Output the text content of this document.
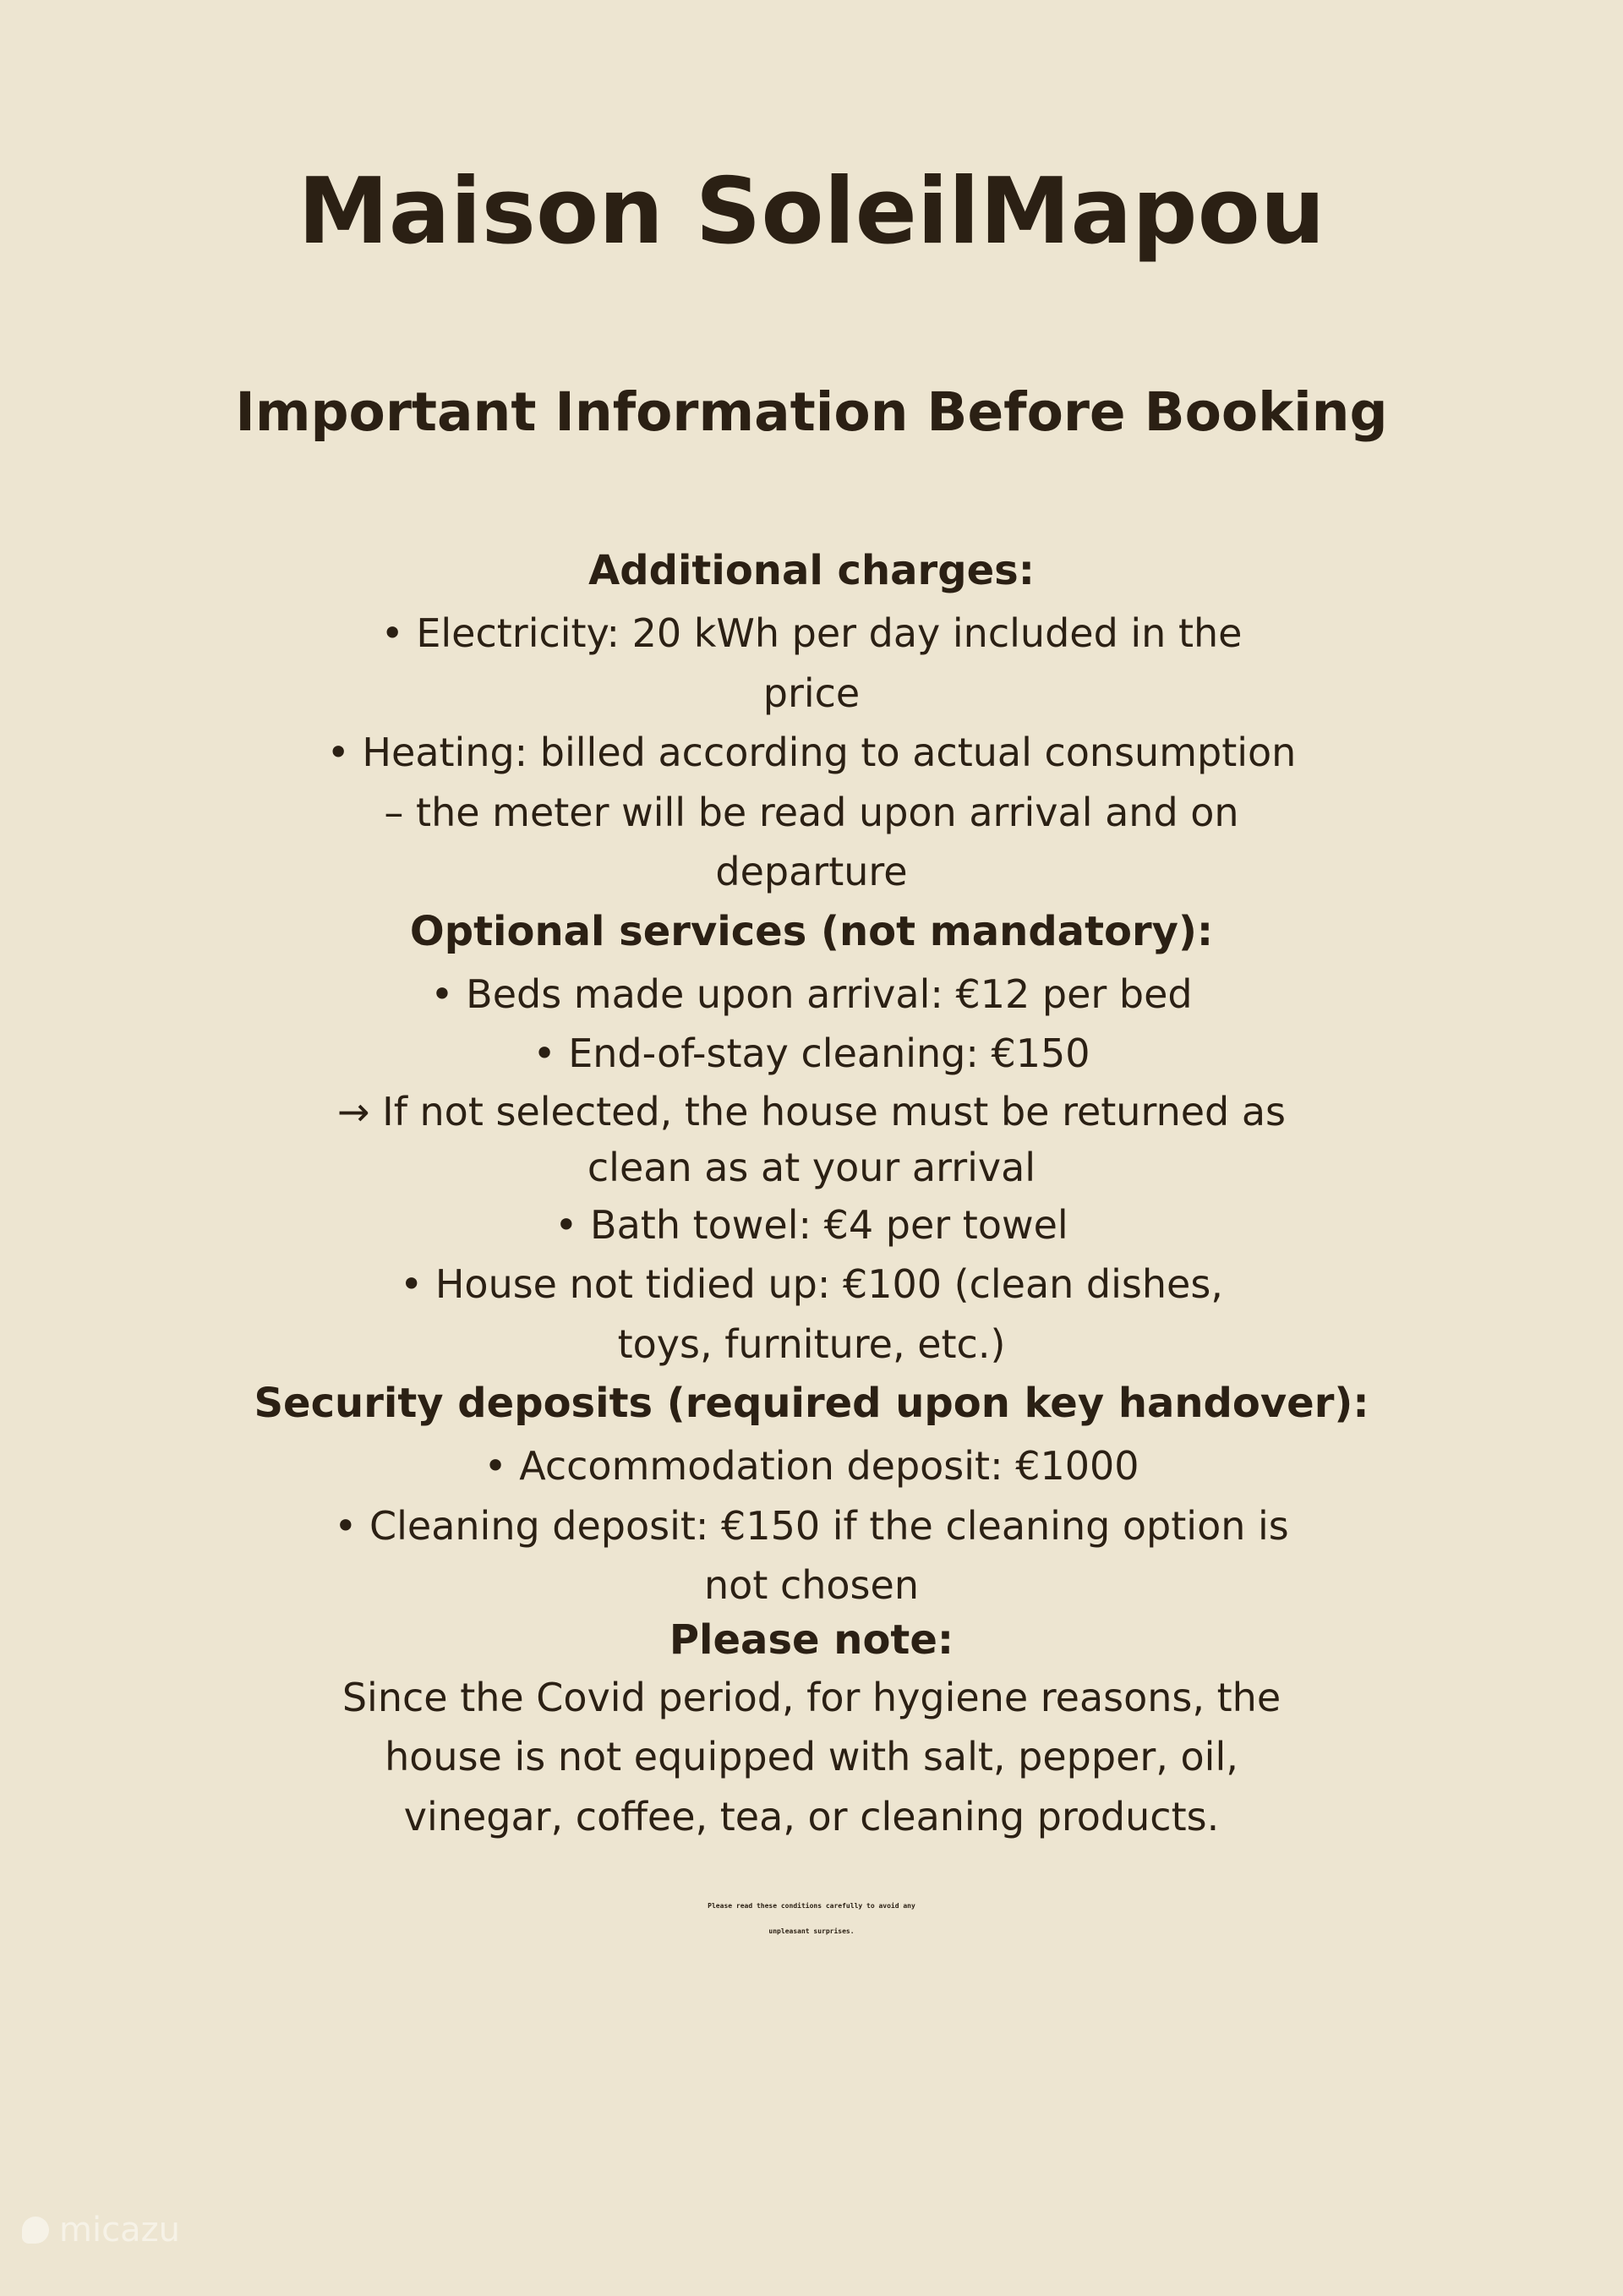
Maison SoleilMapou
Important Information Before Booking
Additional charges:
• Electricity: 20 kWh per day included in the price
• Heating: billed according to actual consumption – the meter will be read upon arrival and on departure
Optional services (not mandatory):
• Beds made upon arrival: €12 per bed
• End-of-stay cleaning: €150
→ If not selected, the house must be returned as clean as at your arrival
• Bath towel: €4 per towel
• House not tidied up: €100 (clean dishes, toys, furniture, etc.)
Security deposits (required upon key handover):
• Accommodation deposit: €1000
• Cleaning deposit: €150 if the cleaning option is not chosen
Please note:
Since the Covid period, for hygiene reasons, the house is not equipped with salt, pepper, oil, vinegar, coffee, tea, or cleaning products.
Please read these conditions carefully to avoid any unpleasant surprises.
micazu
